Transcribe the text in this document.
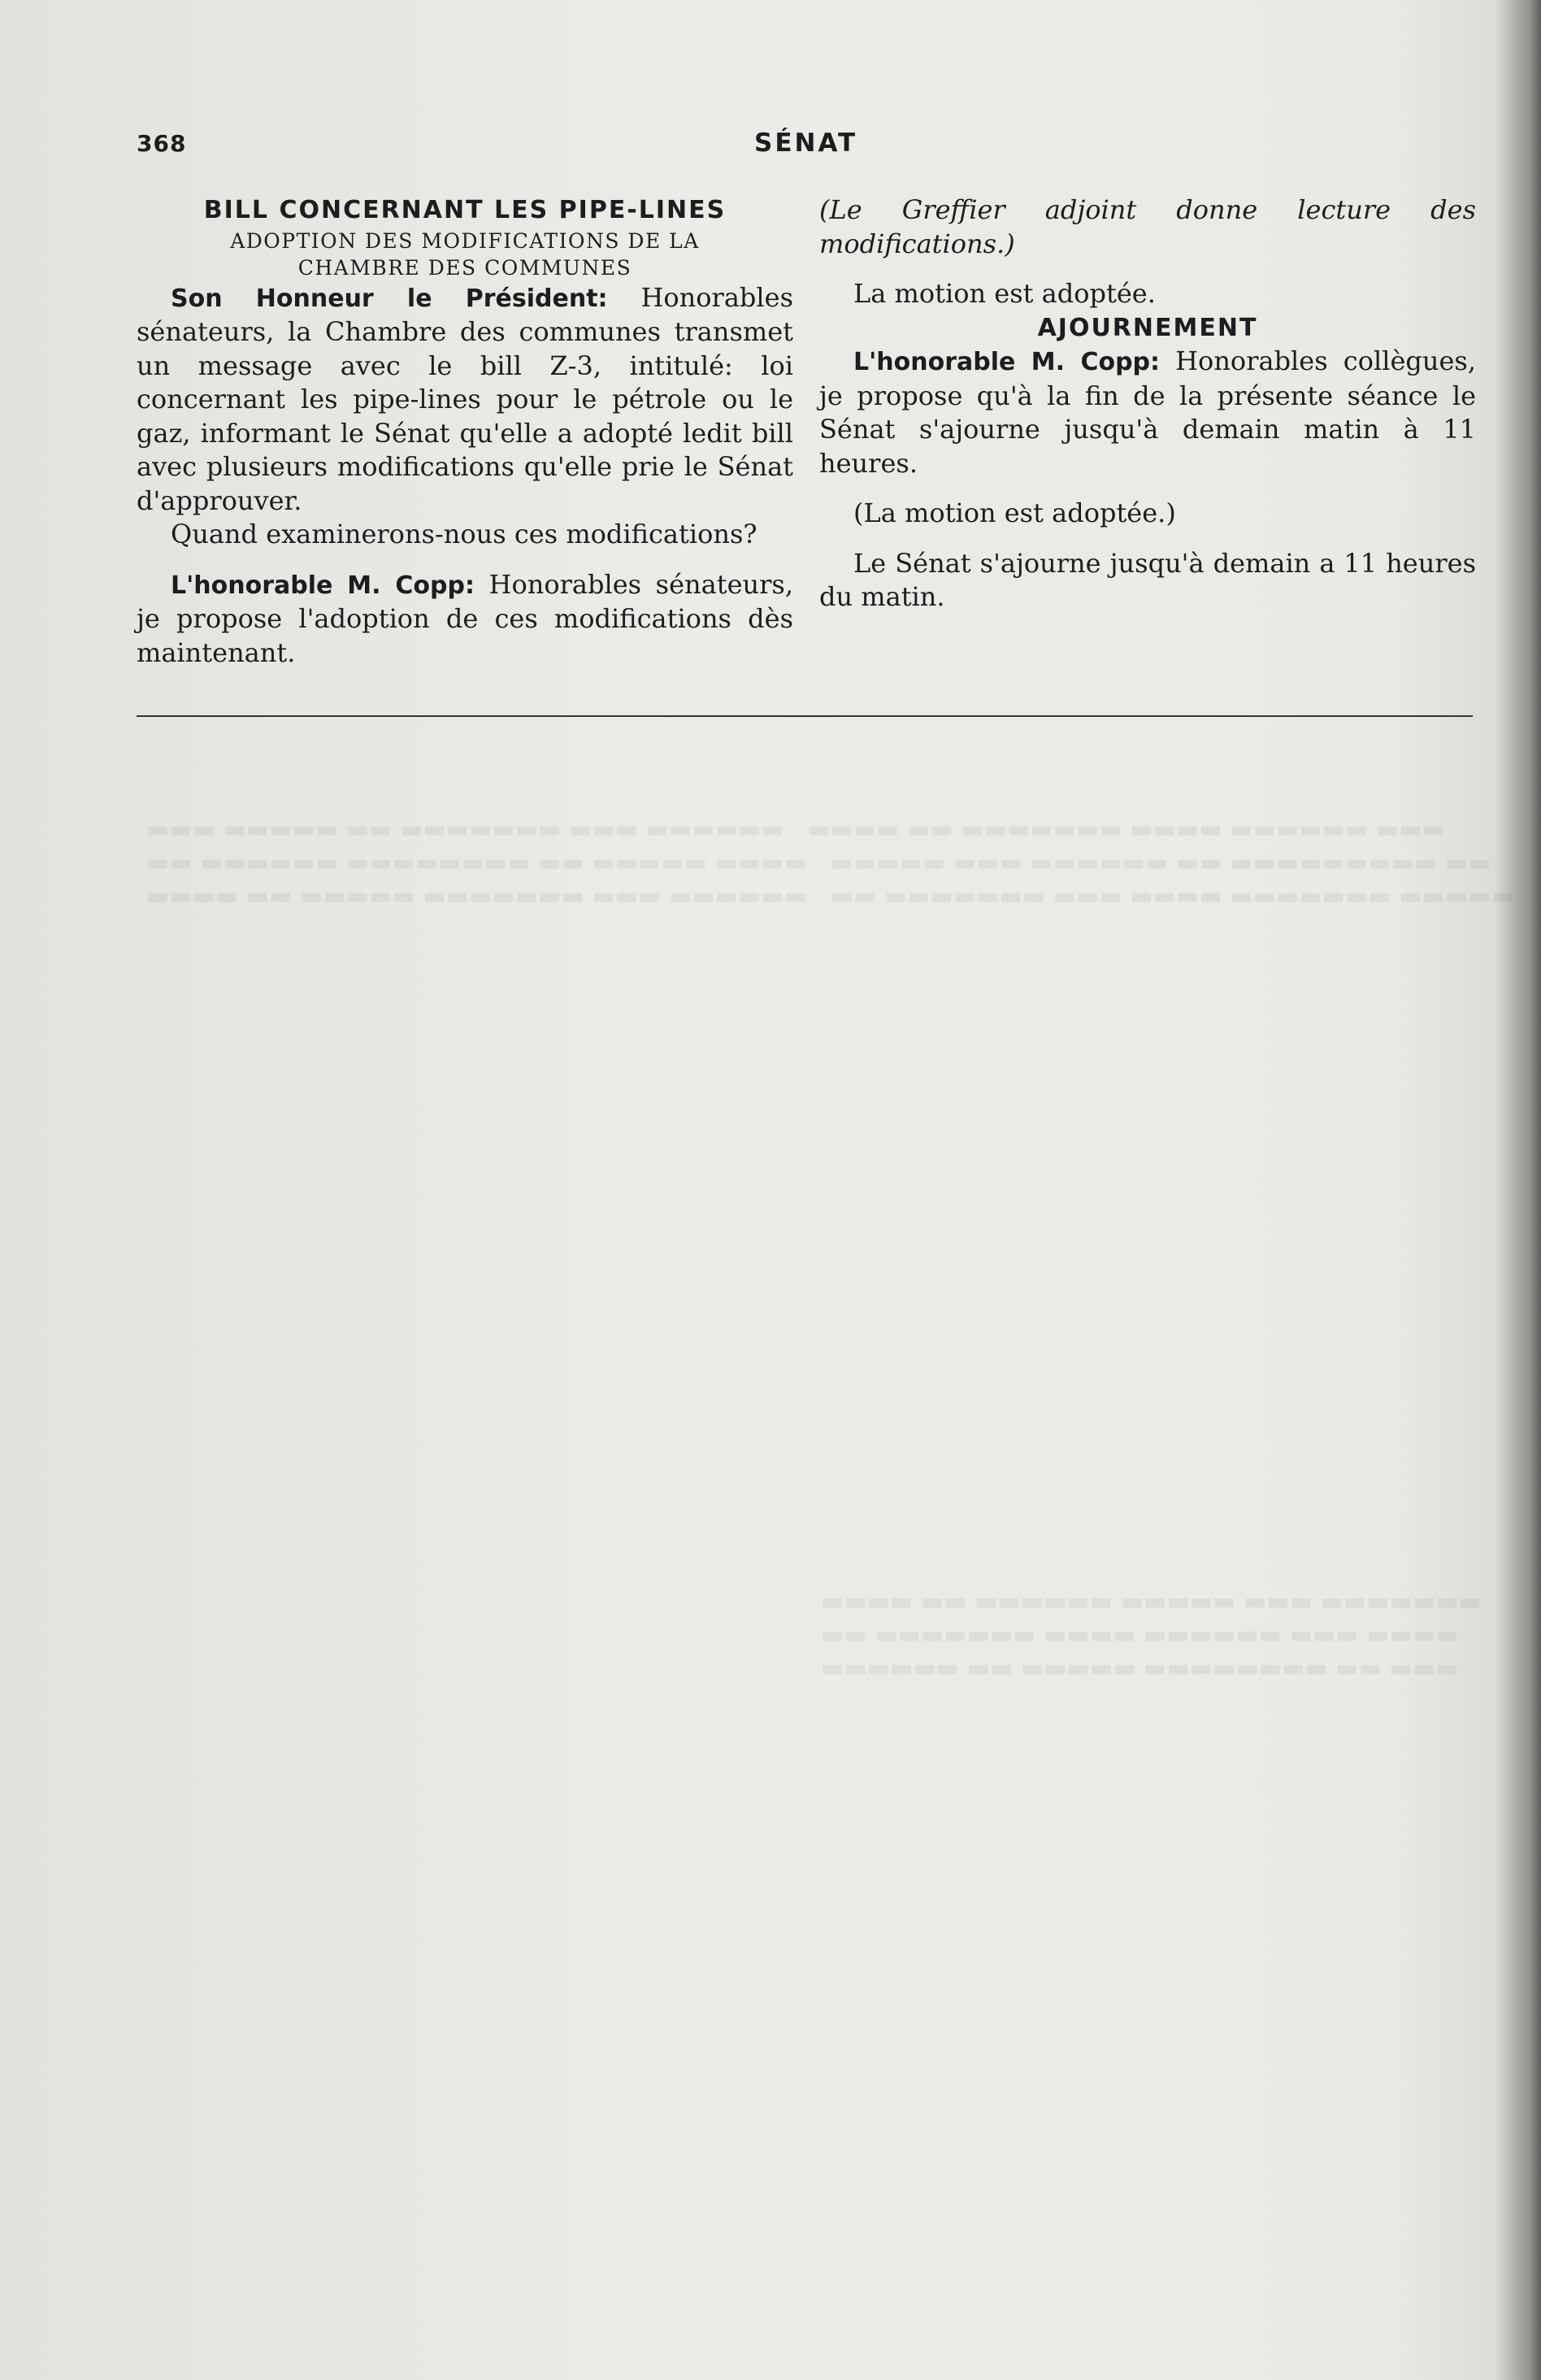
▬▬▬ ▬▬▬▬▬ ▬▬ ▬▬▬▬▬▬▬ ▬▬▬ ▬▬▬▬▬▬   ▬▬▬▬ ▬▬ ▬▬▬▬▬▬▬ ▬▬▬▬ ▬▬▬▬▬▬ ▬▬▬
▬▬ ▬▬▬▬▬▬ ▬▬▬▬▬▬▬▬ ▬▬ ▬▬▬▬▬ ▬▬▬▬   ▬▬▬▬▬ ▬▬▬ ▬▬▬▬▬▬ ▬▬ ▬▬▬▬▬▬▬▬▬ ▬▬
▬▬▬▬ ▬▬ ▬▬▬▬▬ ▬▬▬▬▬▬▬ ▬▬▬ ▬▬▬▬▬▬   ▬▬ ▬▬▬▬▬▬▬ ▬▬▬ ▬▬▬▬ ▬▬▬▬▬▬▬ ▬▬▬▬▬
368	SÉNAT

BILL CONCERNANT LES PIPE-LINES

ADOPTION DES MODIFICATIONS DE LA
CHAMBRE DES COMMUNES

Son Honneur le Président: Honorables sénateurs, la Chambre des communes transmet un message avec le bill Z-3, intitulé: loi concernant les pipe-lines pour le pétrole ou le gaz, informant le Sénat qu'elle a adopté ledit bill avec plusieurs modifications qu'elle prie le Sénat d'approuver.

Quand examinerons-nous ces modifications?

L'honorable M. Copp: Honorables sénateurs, je propose l'adoption de ces modifications dès maintenant.

(Le Greffier adjoint donne lecture des modifications.)

La motion est adoptée.

AJOURNEMENT

L'honorable M. Copp: Honorables collègues, je propose qu'à la fin de la présente séance le Sénat s'ajourne jusqu'à demain matin à 11 heures.

(La motion est adoptée.)

Le Sénat s'ajourne jusqu'à demain a 11 heures du matin.

▬▬▬▬ ▬▬ ▬▬▬▬▬▬ ▬▬▬▬▬ ▬▬▬ ▬▬▬▬▬▬▬
▬▬ ▬▬▬▬▬▬▬ ▬▬▬▬ ▬▬▬▬▬▬ ▬▬▬ ▬▬▬▬
▬▬▬▬▬▬ ▬▬ ▬▬▬▬▬ ▬▬▬▬▬▬▬▬ ▬▬ ▬▬▬
